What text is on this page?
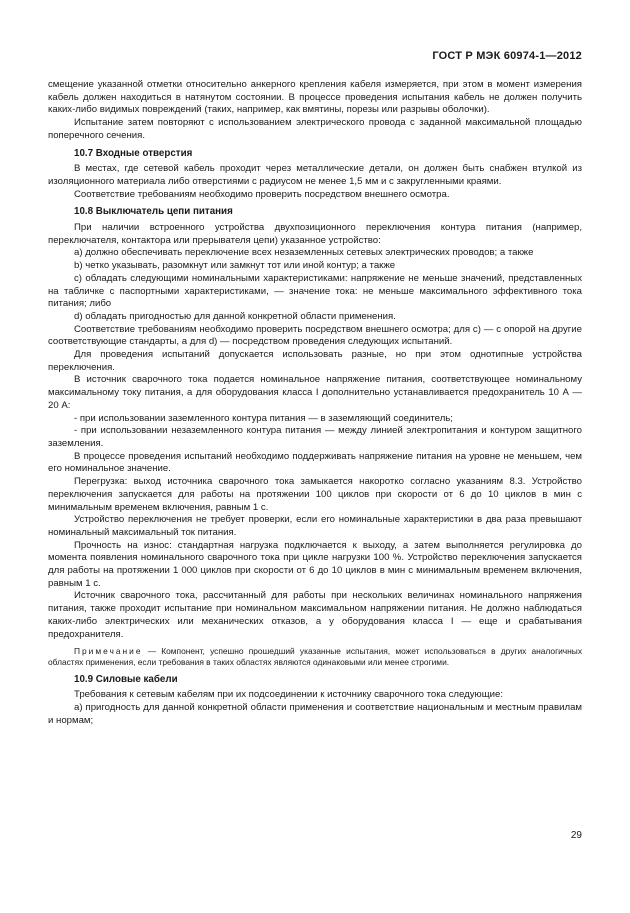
ГОСТ Р МЭК 60974-1—2012

смещение указанной отметки относительно анкерного крепления кабеля измеряется, при этом в момент измерения кабель должен находиться в натянутом состоянии. В процессе проведения испытания кабель не должен получить каких-либо видимых повреждений (таких, например, как вмятины, порезы или разрывы оболочки).

Испытание затем повторяют с использованием электрического провода с заданной максимальной площадью поперечного сечения.

10.7 Входные отверстия

В местах, где сетевой кабель проходит через металлические детали, он должен быть снабжен втулкой из изоляционного материала либо отверстиями с радиусом не менее 1,5 мм и с закругленными краями.

Соответствие требованиям необходимо проверить посредством внешнего осмотра.

10.8 Выключатель цепи питания

При наличии встроенного устройства двухпозиционного переключения контура питания (например, переключателя, контактора или прерывателя цепи) указанное устройство:

a) должно обеспечивать переключение всех незаземленных сетевых электрических проводов; а также

b) четко указывать, разомкнут или замкнут тот или иной контур; а также

c) обладать следующими номинальными характеристиками: напряжение не меньше значений, представленных на табличке с паспортными характеристиками, — значение тока: не меньше максимального эффективного тока питания; либо

d) обладать пригодностью для данной конкретной области применения.

Соответствие требованиям необходимо проверить посредством внешнего осмотра; для c) — с опорой на другие соответствующие стандарты, а для d) — посредством проведения следующих испытаний.

Для проведения испытаний допускается использовать разные, но при этом однотипные устройства переключения.

В источник сварочного тока подается номинальное напряжение питания, соответствующее номинальному максимальному току питания, а для оборудования класса I дополнительно устанавливается предохранитель 10 А — 20 А:

- при использовании заземленного контура питания — в заземляющий соединитель;

- при использовании незаземленного контура питания — между линией электропитания и контуром защитного заземления.

В процессе проведения испытаний необходимо поддерживать напряжение питания на уровне не меньшем, чем его номинальное значение.

Перегрузка: выход источника сварочного тока замыкается накоротко согласно указаниям 8.3. Устройство переключения запускается для работы на протяжении 100 циклов при скорости от 6 до 10 циклов в мин с минимальным временем включения, равным 1 с.

Устройство переключения не требует проверки, если его номинальные характеристики в два раза превышают номинальный максимальный ток питания.

Прочность на износ: стандартная нагрузка подключается к выходу, а затем выполняется регулировка до момента появления номинального сварочного тока при цикле нагрузки 100 %. Устройство переключения запускается для работы на протяжении 1 000 циклов при скорости от 6 до 10 циклов в мин с минимальным временем включения, равным 1 с.

Источник сварочного тока, рассчитанный для работы при нескольких величинах номинального напряжения питания, также проходит испытание при номинальном максимальном напряжении питания. Не должно наблюдаться каких-либо электрических или механических отказов, а у оборудования класса I — еще и срабатывания предохранителя.

Примечание — Компонент, успешно прошедший указанные испытания, может использоваться в других аналогичных областях применения, если требования в таких областях являются одинаковыми или менее строгими.

10.9 Силовые кабели

Требования к сетевым кабелям при их подсоединении к источнику сварочного тока следующие:

a) пригодность для данной конкретной области применения и соответствие национальным и местным правилам и нормам;

29
